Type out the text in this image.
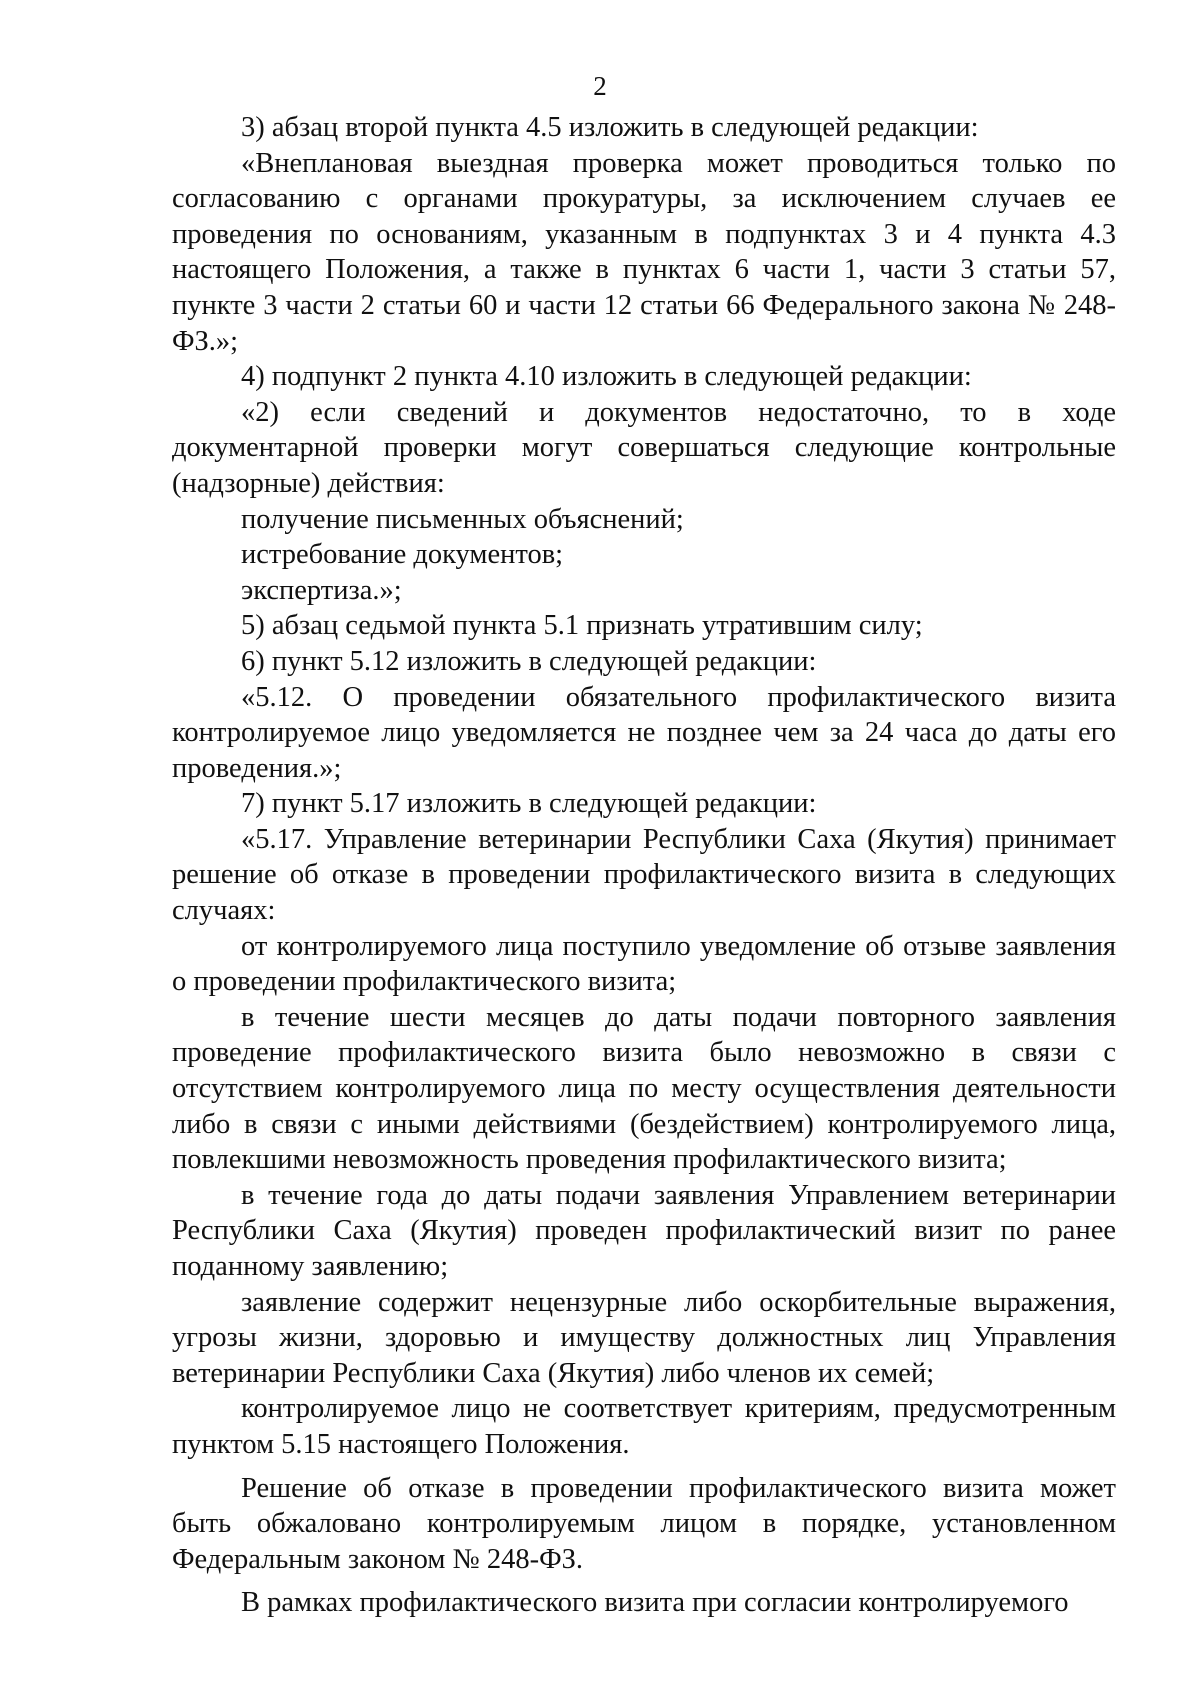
2

3) абзац второй пункта 4.5 изложить в следующей редакции:

«Внеплановая выездная проверка может проводиться только по согласованию с органами прокуратуры, за исключением случаев ее проведения по основаниям, указанным в подпунктах 3 и 4 пункта 4.3 настоящего Положения, а также в пунктах 6 части 1, части 3 статьи 57, пункте 3 части 2 статьи 60 и части 12 статьи 66 Федерального закона № 248-ФЗ.»;

4) подпункт 2 пункта 4.10 изложить в следующей редакции:

«2) если сведений и документов недостаточно, то в ходе документарной проверки могут совершаться следующие контрольные (надзорные) действия:

получение письменных объяснений;

истребование документов;

экспертиза.»;

5) абзац седьмой пункта 5.1 признать утратившим силу;

6) пункт 5.12 изложить в следующей редакции:

«5.12. О проведении обязательного профилактического визита контролируемое лицо уведомляется не позднее чем за 24 часа до даты его проведения.»;

7) пункт 5.17 изложить в следующей редакции:

«5.17. Управление ветеринарии Республики Саха (Якутия) принимает решение об отказе в проведении профилактического визита в следующих случаях:

от контролируемого лица поступило уведомление об отзыве заявления о проведении профилактического визита;

в течение шести месяцев до даты подачи повторного заявления проведение профилактического визита было невозможно в связи с отсутствием контролируемого лица по месту осуществления деятельности либо в связи с иными действиями (бездействием) контролируемого лица, повлекшими невозможность проведения профилактического визита;

в течение года до даты подачи заявления Управлением ветеринарии Республики Саха (Якутия) проведен профилактический визит по ранее поданному заявлению;

заявление содержит нецензурные либо оскорбительные выражения, угрозы жизни, здоровью и имуществу должностных лиц Управления ветеринарии Республики Саха (Якутия) либо членов их семей;

контролируемое лицо не соответствует критериям, предусмотренным пунктом 5.15 настоящего Положения.

Решение об отказе в проведении профилактического визита может быть обжаловано контролируемым лицом в порядке, установленном Федеральным законом № 248-ФЗ.

В рамках профилактического визита при согласии контролируемого
